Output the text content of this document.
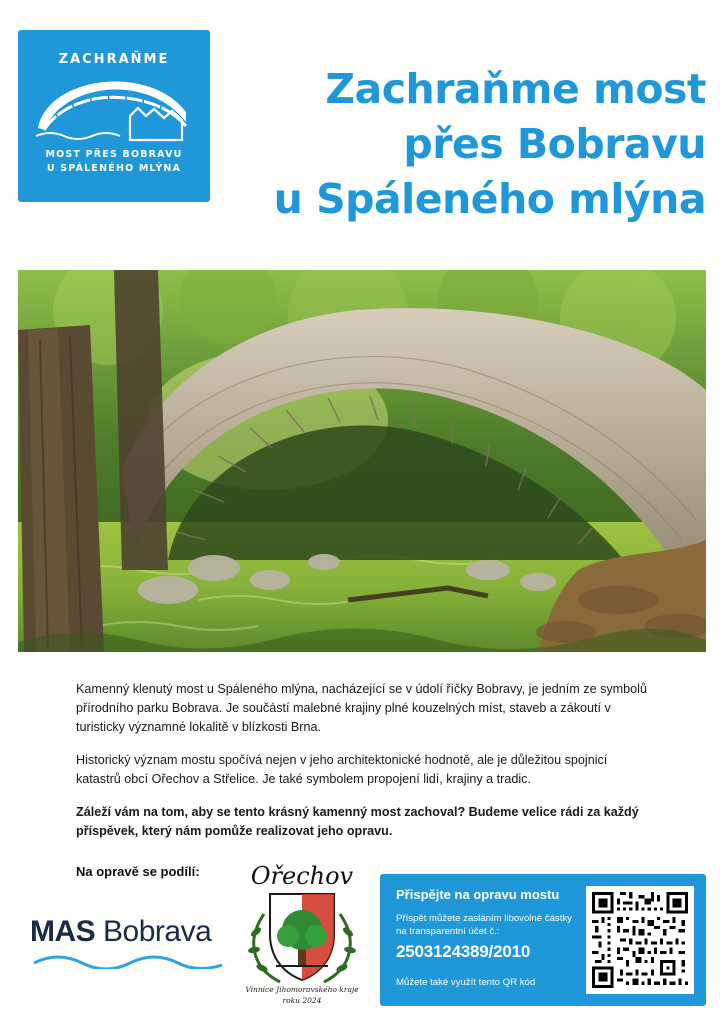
ZACHRAŇME
MOST PŘES BOBRAVU
U SPÁLENÉHO MLÝNA
Zachraňme most
přes Bobravu
u Spáleného mlýna

Kamenný klenutý most u Spáleného mlýna, nacházející se v údolí říčky Bobravy, je jedním ze symbolů přírodního parku Bobrava. Je součástí malebné krajiny plné kouzelných míst, staveb a zákoutí v turisticky významné lokalitě v blízkosti Brna.

Historický význam mostu spočívá nejen v jeho architektonické hodnotě, ale je důležitou spojnicí katastrů obcí Ořechov a Střelice. Je také symbolem propojení lidí, krajiny a tradic.

Záleží vám na tom, aby se tento krásný kamenný most zachoval? Budeme velice rádi za každý příspěvek, který nám pomůže realizovat jeho opravu.

Na opravě se podílí:
MAS Bobrava
Ořechov
Vinnice Jihomoravského kraje
roku 2024
Přispějte na opravu mostu
Příspět můžete zasláním libovolné částky na transparentní účet č.:
2503124389/2010
Můžete také využít tento QR kód
